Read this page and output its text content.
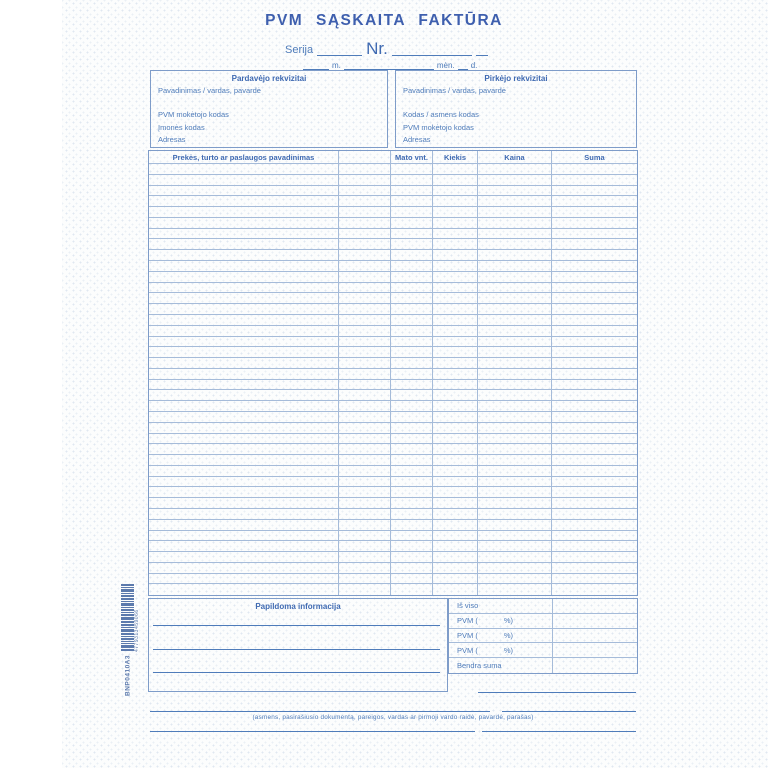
PVM SĄSKAITA FAKTŪRA
Serija	Nr.
m.	mėn. d.
Pardavėjo rekvizitai
Pavadinimas / vardas, pavardė
PVM mokėtojo kodas
Įmonės kodas
Adresas
Pirkėjo rekvizitai
Pavadinimas / vardas, pavardė
Kodas / asmens kodas
PVM mokėtojo kodas
Adresas
Prekės, turto ar paslaugos pavadinimas	Mato vnt.	Kiekis	Kaina	Suma
Papildoma informacija	Iš viso
PVM (	%)
PVM (	%)
PVM (	%)
Bendra suma
(asmens, pasirašiusio dokumentą, pareigos, vardas ar pirmoji vardo raidė, pavardė, parašas)
4779313459066
BNP0410A3
